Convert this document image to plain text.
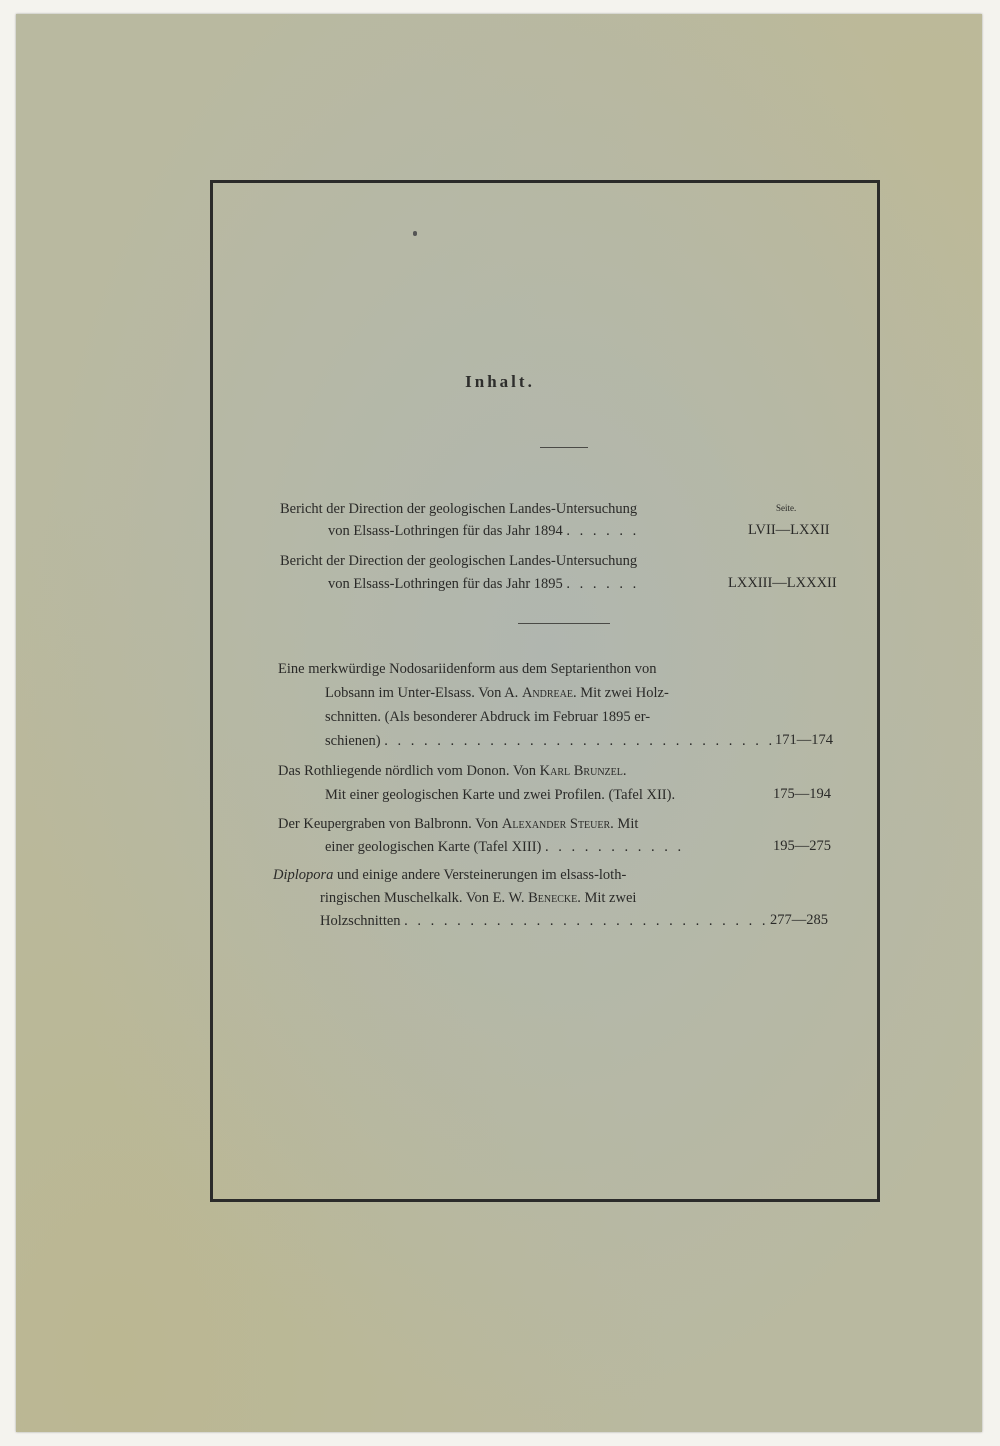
Inhalt.
Seite.
Bericht der Direction der geologischen Landes-Untersuchung
von Elsass-Lothringen für das Jahr 1894 . . . . . .	LVII—LXXII
Bericht der Direction der geologischen Landes-Untersuchung
von Elsass-Lothringen für das Jahr 1895 . . . . . .	LXXIII—LXXXII
Eine merkwürdige Nodosariidenform aus dem Septarienthon von
Lobsann im Unter-Elsass. Von A. Andreae. Mit zwei Holz-
schnitten. (Als besonderer Abdruck im Februar 1895 er-
schienen) . . . . . . . . . . . . . . . . . . . . . . . . . . . . . . 171—174
Das Rothliegende nördlich vom Donon. Von Karl Brunzel.
Mit einer geologischen Karte und zwei Profilen. (Tafel XII).	175—194
Der Keupergraben von Balbronn. Von Alexander Steuer. Mit
einer geologischen Karte (Tafel XIII) . . . . . . . . . . .	195—275
Diplopora und einige andere Versteinerungen im elsass-loth-
ringischen Muschelkalk. Von E. W. Benecke. Mit zwei
Holzschnitten . . . . . . . . . . . . . . . . . . . . . . . . . . . . 277—285
